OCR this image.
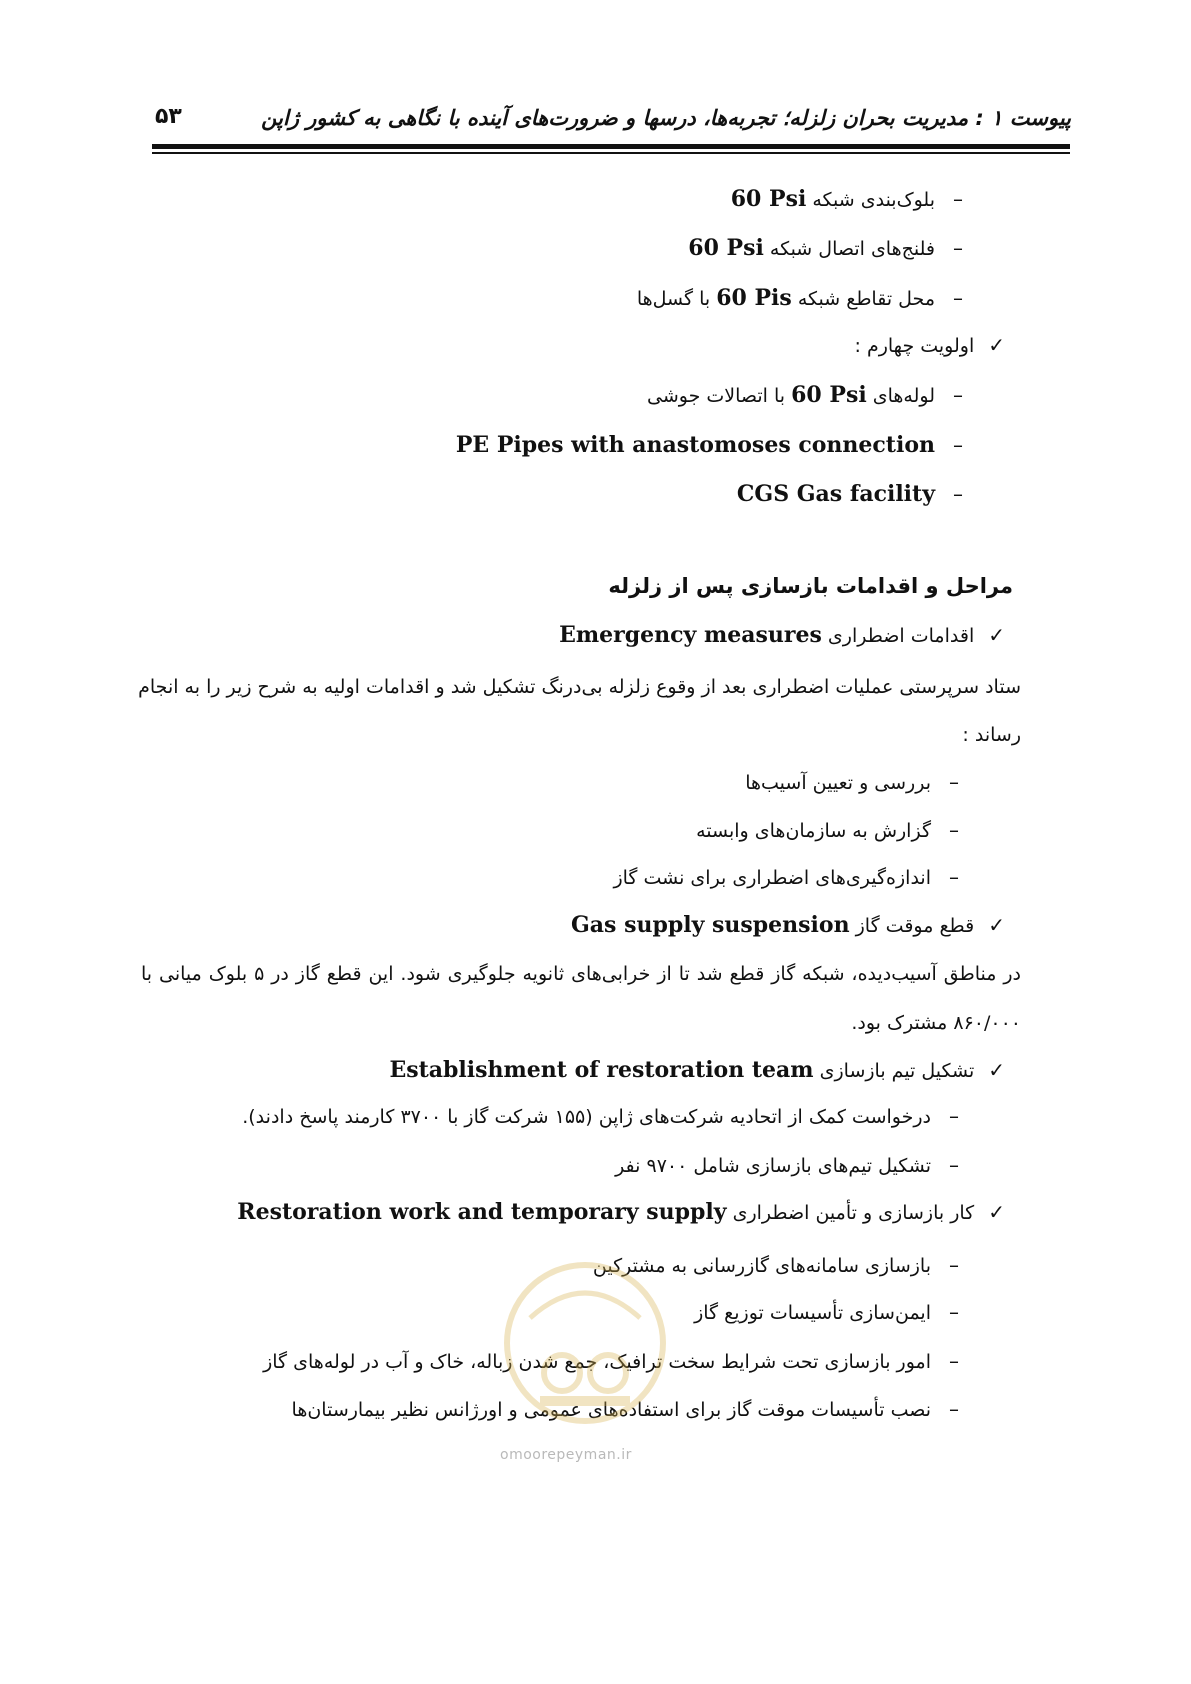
پیوست ۱ : مدیریت بحران زلزله؛ تجربه‌ها، درسها و ضرورت‌های آینده با نگاهی به کشور ژاپن
۵۳
–بلوک‌بندی شبکه 60 Psi
–فلنج‌های اتصال شبکه 60 Psi
–محل تقاطع شبکه 60 Pis با گسل‌ها
✓اولویت چهارم :
–لوله‌های 60 Psi با اتصالات جوشی
–PE Pipes with anastomoses connection
–CGS Gas facility
مراحل و اقدامات بازسازی پس از زلزله
✓اقدامات اضطراری Emergency measures
ستاد سرپرستی عملیات اضطراری بعد از وقوع زلزله بی‌درنگ تشکیل شد و اقدامات اولیه به شرح زیر را به انجام
رساند :
–بررسی و تعیین آسیب‌ها
–گزارش به سازمان‌های وابسته
–اندازه‌گیری‌های اضطراری برای نشت گاز
✓قطع موقت گاز Gas supply suspension
در مناطق آسیب‌دیده، شبکه گاز قطع شد تا از خرابی‌های ثانویه جلوگیری شود. این قطع گاز در ۵ بلوک میانی با
۸۶۰/۰۰۰ مشترک بود.
✓تشکیل تیم بازسازی Establishment of restoration team
–درخواست کمک از اتحادیه شرکت‌های ژاپن (۱۵۵ شرکت گاز با ۳۷۰۰ کارمند پاسخ دادند).
–تشکیل تیم‌های بازسازی شامل ۹۷۰۰ نفر
✓کار بازسازی و تأمین اضطراری Restoration work and temporary supply
–بازسازی سامانه‌های گازرسانی به مشترکین
–ایمن‌سازی تأسیسات توزیع گاز
–امور بازسازی تحت شرایط سخت ترافیک، جمع شدن زباله، خاک و آب در لوله‌های گاز
–نصب تأسیسات موقت گاز برای استفاده‌های عمومی و اورژانس نظیر بیمارستان‌ها
omoorepeyman.ir
